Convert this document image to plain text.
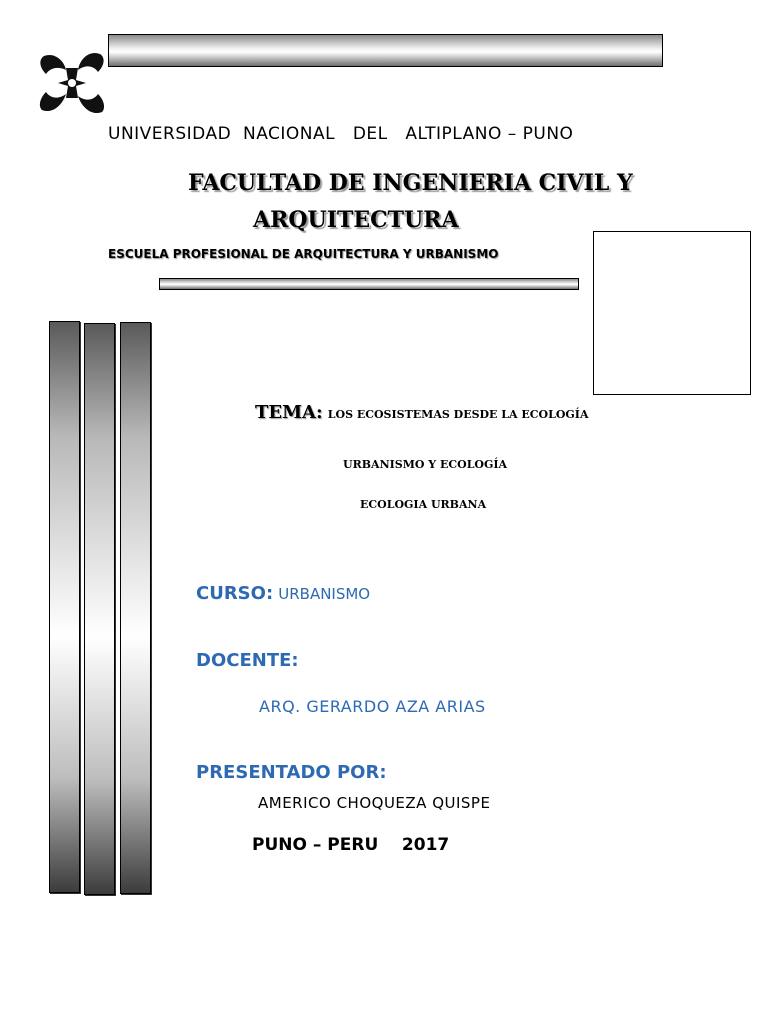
UNIVERSIDAD  NACIONAL   DEL   ALTIPLANO – PUNO
FACULTAD DE INGENIERIA CIVIL Y
ARQUITECTURA
ESCUELA PROFESIONAL DE ARQUITECTURA Y URBANISMO
TEMA: LOS ECOSISTEMAS DESDE LA ECOLOGÍA
URBANISMO Y ECOLOGÍA
ECOLOGIA URBANA
CURSO: URBANISMO
DOCENTE:
ARQ. GERARDO AZA ARIAS
PRESENTADO POR:
AMERICO CHOQUEZA QUISPE
PUNO – PERU    2017
